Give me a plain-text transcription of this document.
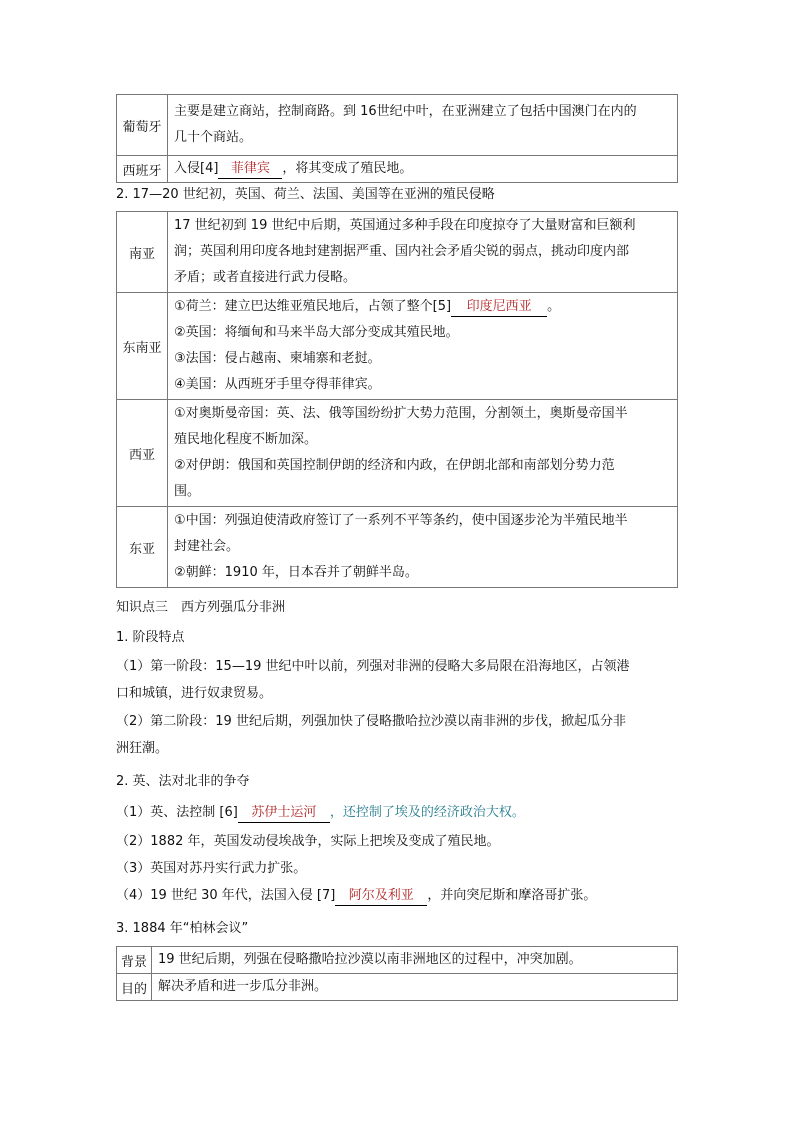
葡萄牙	主要是建立商站，控制商路。到 16世纪中叶，在亚洲建立了包括中国澳门在内的
几十个商站。

西班牙	入侵[4] 菲律宾 ，将其变成了殖民地。
2. 17—20 世纪初，英国、荷兰、法国、美国等在亚洲的殖民侵略
南亚	17 世纪初到 19 世纪中后期，英国通过多种手段在印度掠夺了大量财富和巨额利
润；英国利用印度各地封建割据严重、国内社会矛盾尖锐的弱点，挑动印度内部
矛盾；或者直接进行武力侵略。

东南亚	①荷兰：建立巴达维亚殖民地后，占领了整个[5] 印度尼西亚 。
②英国：将缅甸和马来半岛大部分变成其殖民地。
③法国：侵占越南、柬埔寨和老挝。
④美国：从西班牙手里夺得菲律宾。

西亚	①对奥斯曼帝国：英、法、俄等国纷纷扩大势力范围，分割领土，奥斯曼帝国半
殖民地化程度不断加深。
②对伊朗：俄国和英国控制伊朗的经济和内政，在伊朗北部和南部划分势力范
围。

东亚	①中国：列强迫使清政府签订了一系列不平等条约，使中国逐步沦为半殖民地半
封建社会。
②朝鲜：1910 年，日本吞并了朝鲜半岛。
知识点三　西方列强瓜分非洲
1. 阶段特点
（1）第一阶段：15—19 世纪中叶以前，列强对非洲的侵略大多局限在沿海地区，占领港
口和城镇，进行奴隶贸易。
（2）第二阶段：19 世纪后期，列强加快了侵略撒哈拉沙漠以南非洲的步伐，掀起瓜分非
洲狂潮。
2. 英、法对北非的争夺
（1）英、法控制 [6] 苏伊士运河 ，还控制了埃及的经济政治大权。
（2）1882 年，英国发动侵埃战争，实际上把埃及变成了殖民地。
（3）英国对苏丹实行武力扩张。
（4）19 世纪 30 年代，法国入侵 [7] 阿尔及利亚 ，并向突尼斯和摩洛哥扩张。
3. 1884 年“柏林会议”
背景	19 世纪后期，列强在侵略撒哈拉沙漠以南非洲地区的过程中，冲突加剧。
目的	解决矛盾和进一步瓜分非洲。
